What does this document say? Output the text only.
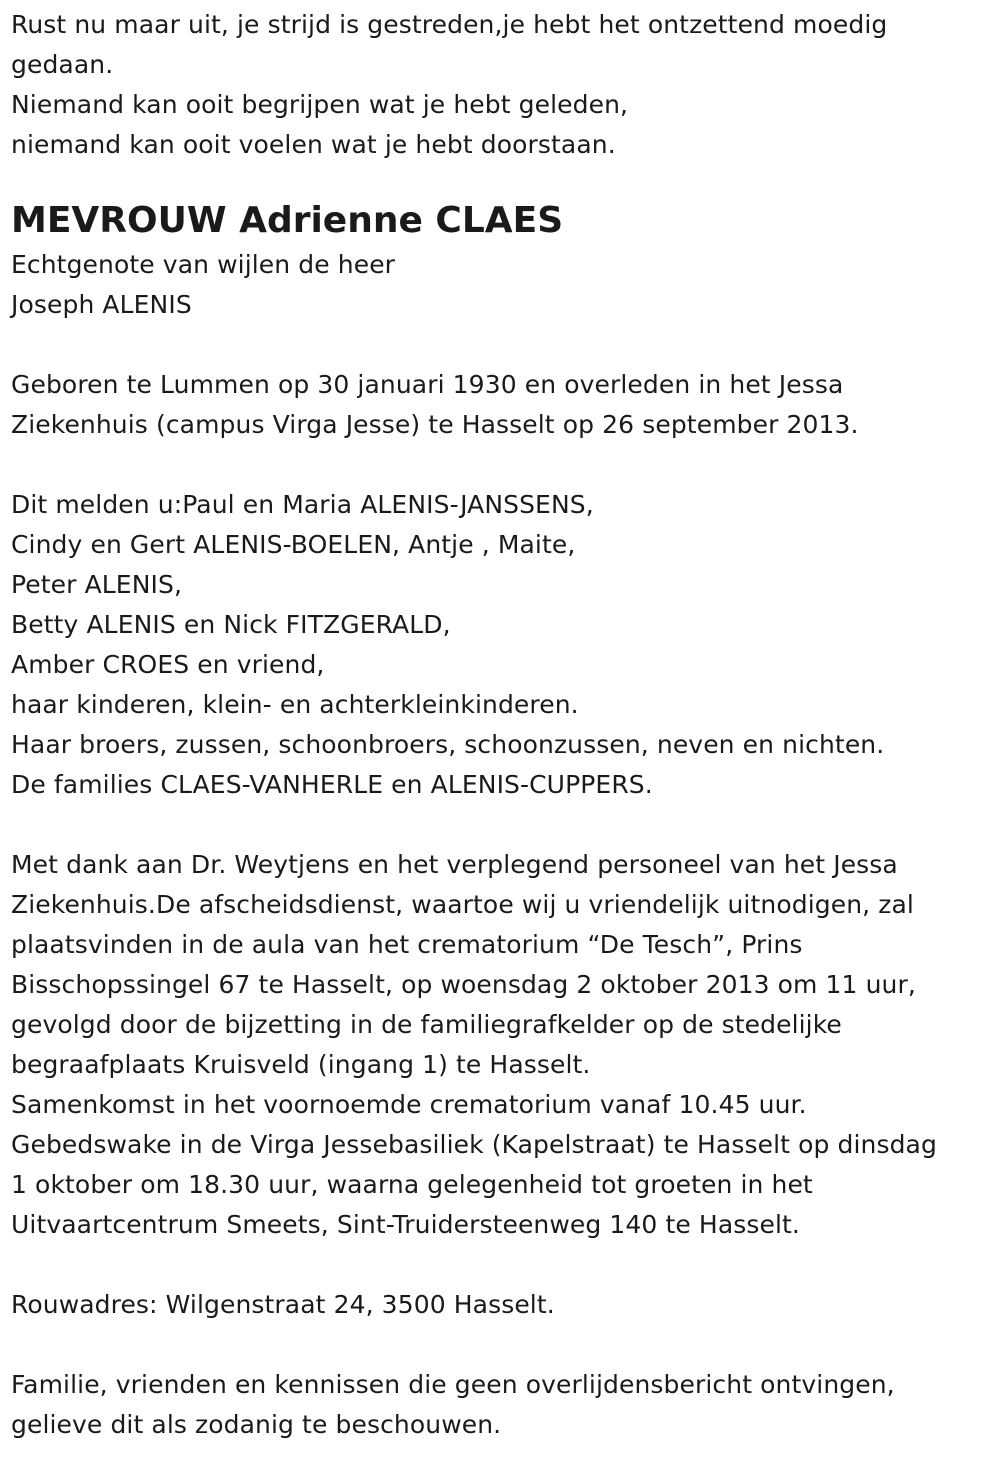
Rust nu maar uit, je strijd is gestreden,je hebt het ontzettend moedig
gedaan.
Niemand kan ooit begrijpen wat je hebt geleden,
niemand kan ooit voelen wat je hebt doorstaan.
MEVROUW Adrienne CLAES
Echtgenote van wijlen de heer
Joseph ALENIS
Geboren te Lummen op 30 januari 1930 en overleden in het Jessa
Ziekenhuis (campus Virga Jesse) te Hasselt op 26 september 2013.
Dit melden u:Paul en Maria ALENIS-JANSSENS,
Cindy en Gert ALENIS-BOELEN, Antje , Maite,
Peter ALENIS,
Betty ALENIS en Nick FITZGERALD,
Amber CROES en vriend,
haar kinderen, klein- en achterkleinkinderen.
Haar broers, zussen, schoonbroers, schoonzussen, neven en nichten.
De families CLAES-VANHERLE en ALENIS-CUPPERS.
Met dank aan Dr. Weytjens en het verplegend personeel van het Jessa
Ziekenhuis.De afscheidsdienst, waartoe wij u vriendelijk uitnodigen, zal
plaatsvinden in de aula van het crematorium “De Tesch”, Prins
Bisschopssingel 67 te Hasselt, op woensdag 2 oktober 2013 om 11 uur,
gevolgd door de bijzetting in de familiegrafkelder op de stedelijke
begraafplaats Kruisveld (ingang 1) te Hasselt.
Samenkomst in het voornoemde crematorium vanaf 10.45 uur.
Gebedswake in de Virga Jessebasiliek (Kapelstraat) te Hasselt op dinsdag
1 oktober om 18.30 uur, waarna gelegenheid tot groeten in het
Uitvaartcentrum Smeets, Sint-Truidersteenweg 140 te Hasselt.
Rouwadres: Wilgenstraat 24, 3500 Hasselt.
Familie, vrienden en kennissen die geen overlijdensbericht ontvingen,
gelieve dit als zodanig te beschouwen.
